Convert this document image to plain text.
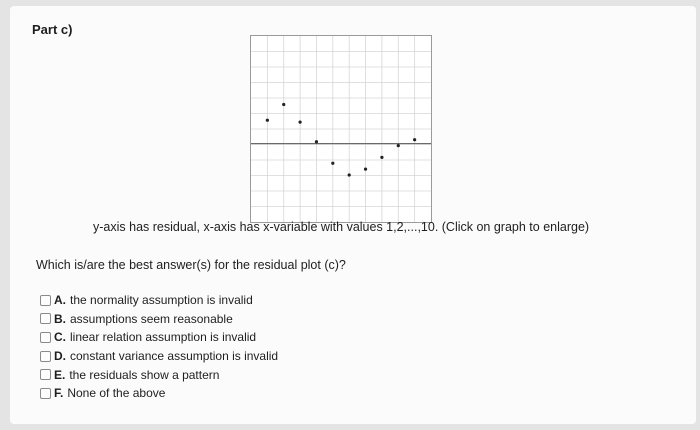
Part c)
y-axis has residual, x-axis has x-variable with values 1,2,...,10. (Click on graph to enlarge)
Which is/are the best answer(s) for the residual plot (c)?
A. the normality assumption is invalid
B. assumptions seem reasonable
C. linear relation assumption is invalid
D. constant variance assumption is invalid
E. the residuals show a pattern
F. None of the above
